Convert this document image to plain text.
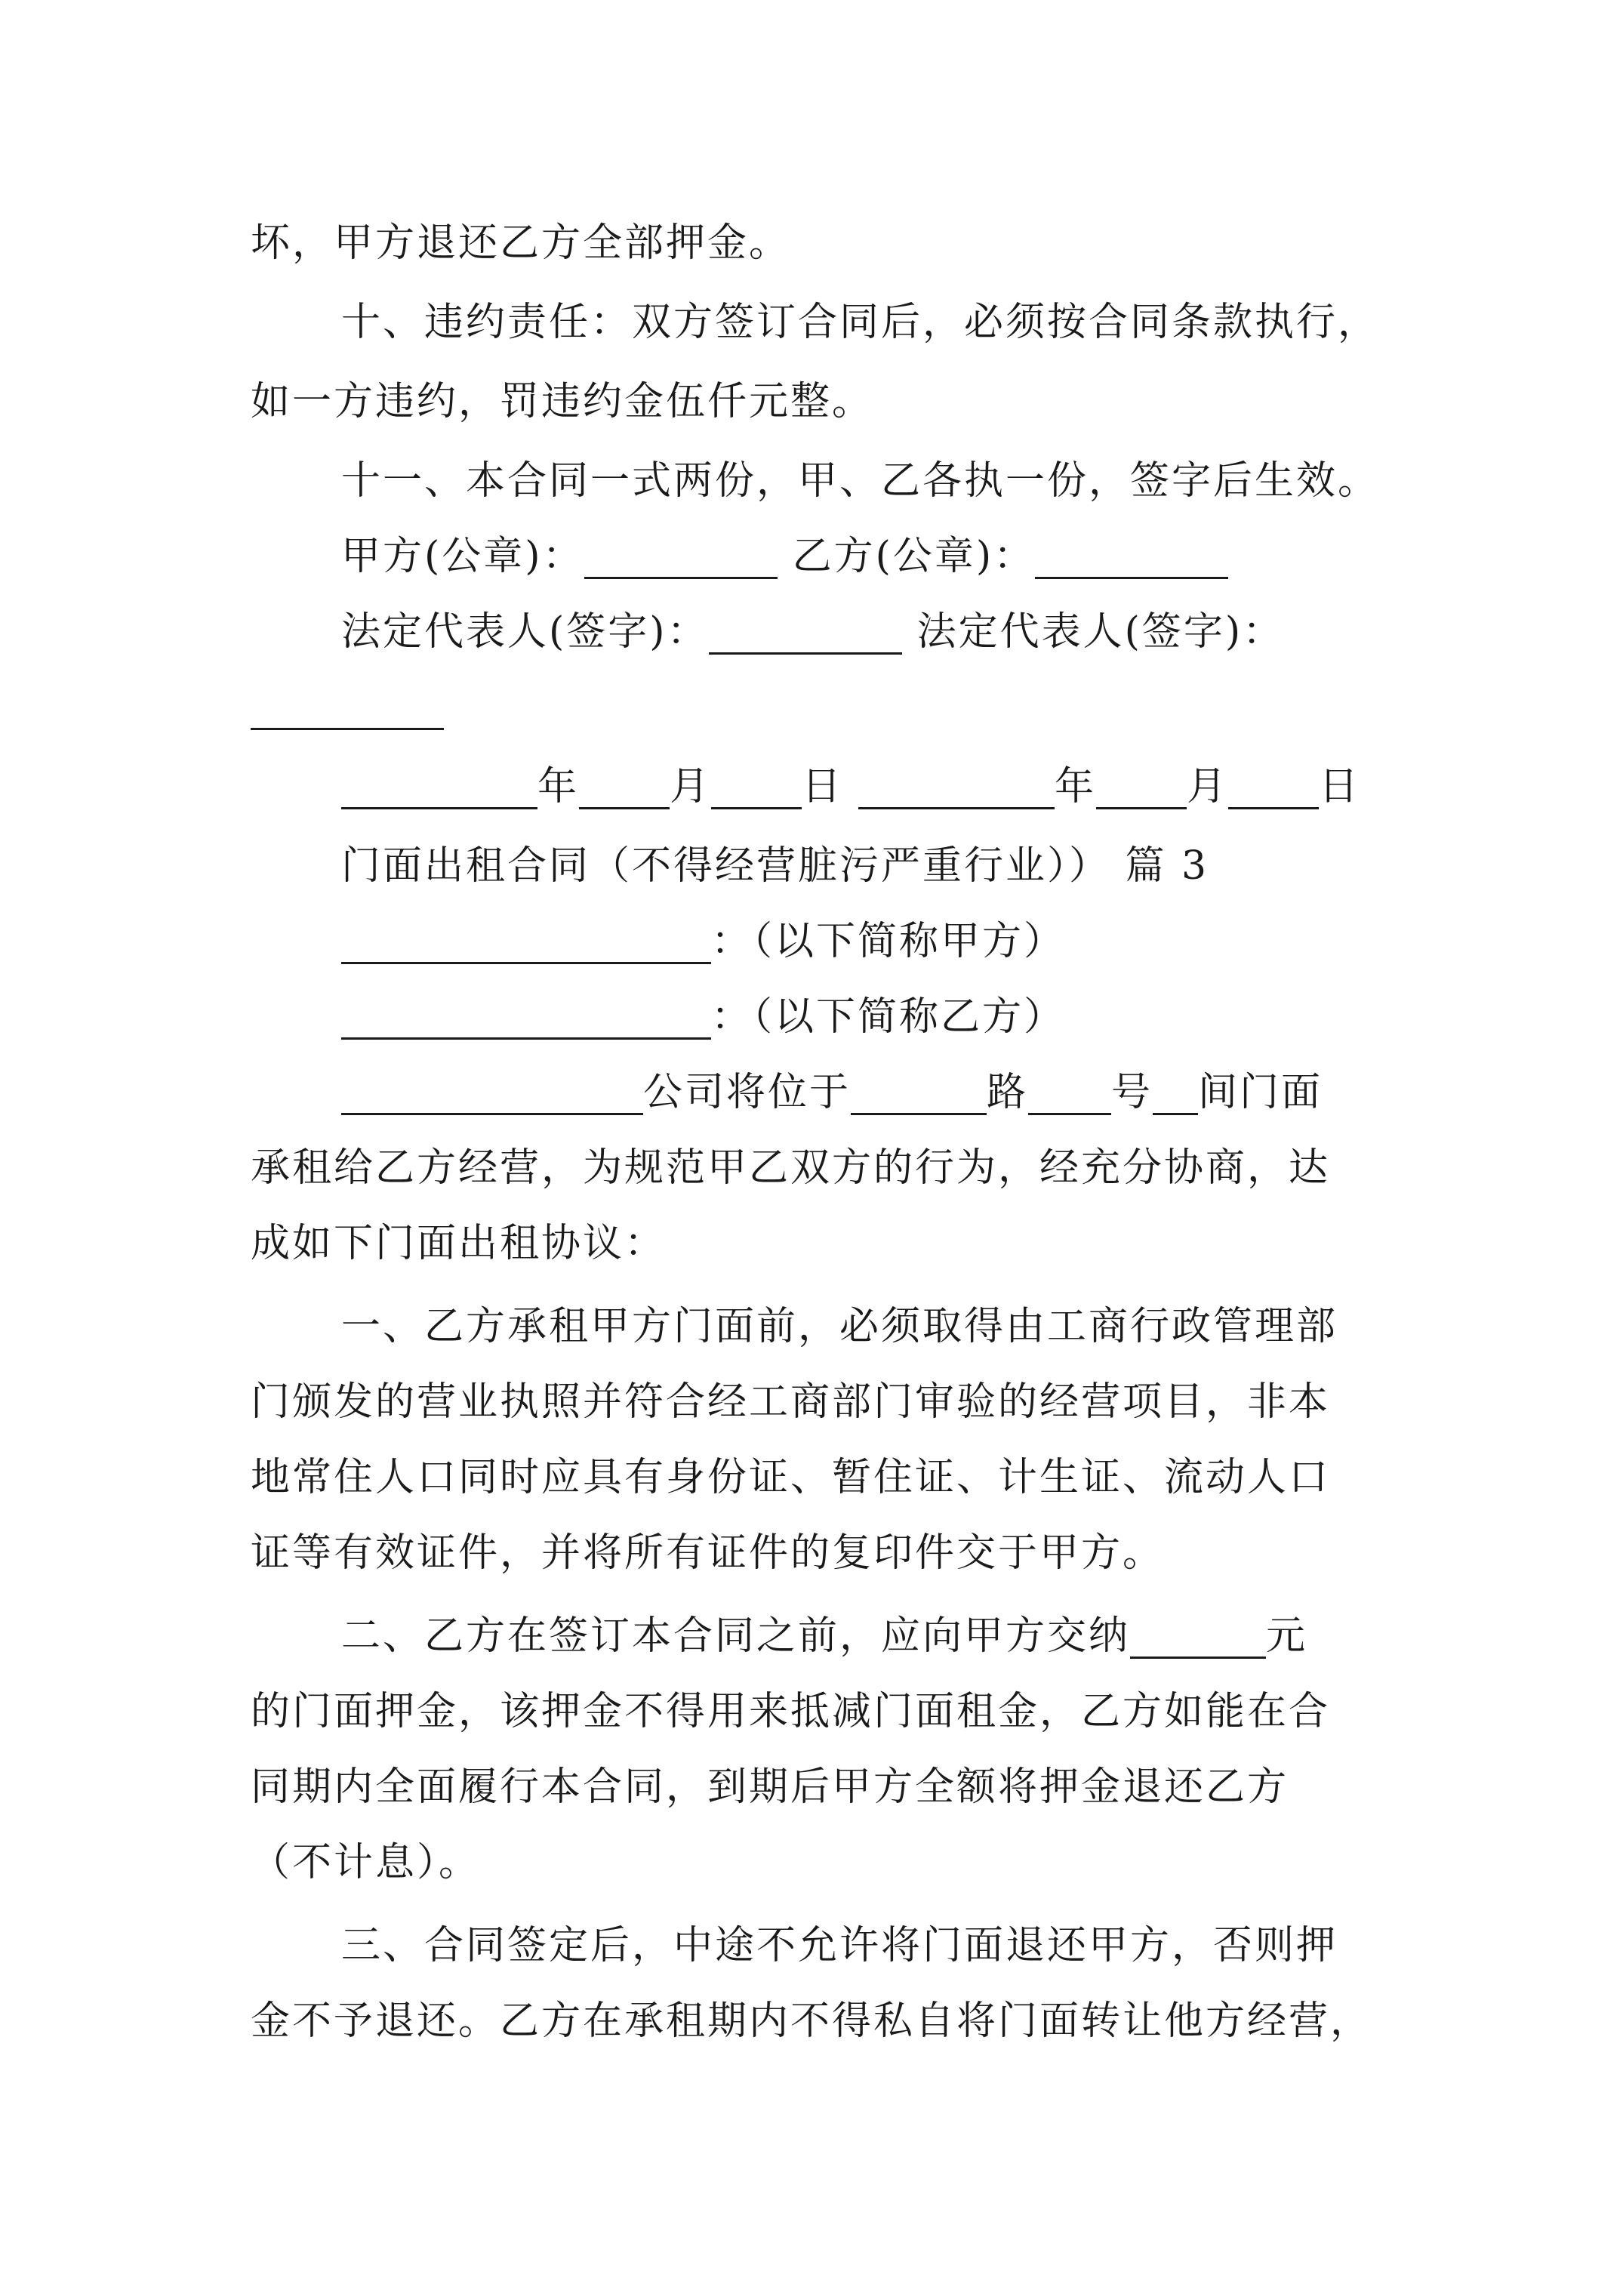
坏，甲方退还乙方全部押金。
十、违约责任：双方签订合同后，必须按合同条款执行，
如一方违约，罚违约金伍仟元整。
十一、本合同一式两份，甲、乙各执一份，签字后生效。
甲方(公章)：	乙方(公章)：
法定代表人(签字)：	法定代表人(签字)：
年 月 日	年 月 日
门面出租合同（不得经营脏污严重行业）） 篇 3
：（以下简称甲方）
：（以下简称乙方）
公司将位于	路 号 间门面
承租给乙方经营，为规范甲乙双方的行为，经充分协商，达
成如下门面出租协议：
一、乙方承租甲方门面前，必须取得由工商行政管理部
门颁发的营业执照并符合经工商部门审验的经营项目，非本
地常住人口同时应具有身份证、暂住证、计生证、流动人口
证等有效证件，并将所有证件的复印件交于甲方。
二、乙方在签订本合同之前，应向甲方交纳	元
的门面押金，该押金不得用来抵减门面租金，乙方如能在合
同期内全面履行本合同，到期后甲方全额将押金退还乙方
（不计息）。
三、合同签定后，中途不允许将门面退还甲方，否则押
金不予退还。乙方在承租期内不得私自将门面转让他方经营，
